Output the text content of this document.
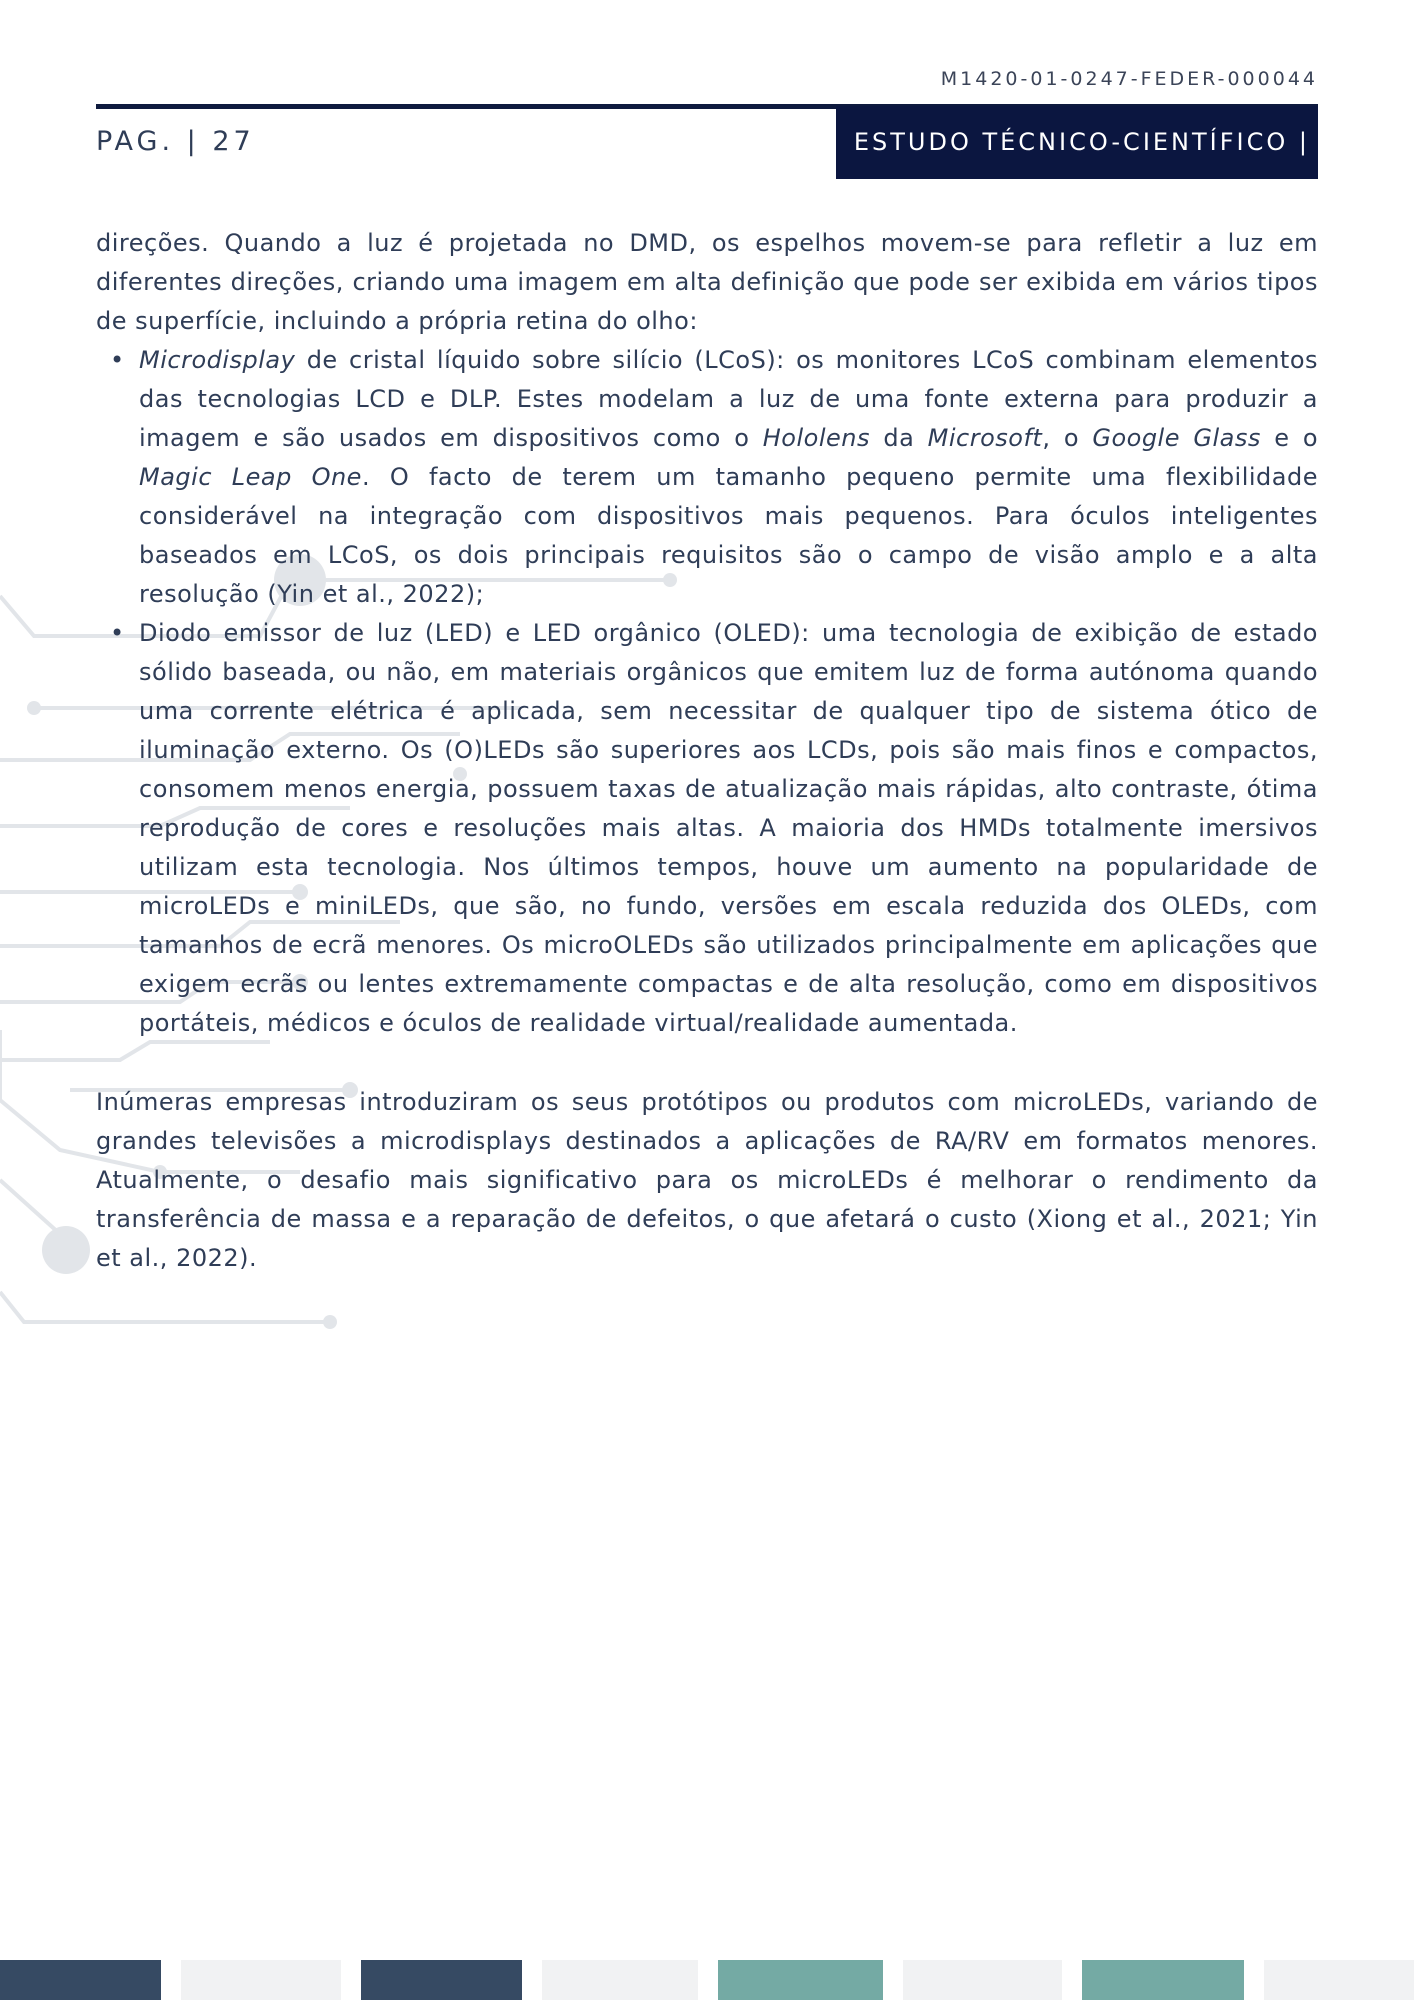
M1420-01-0247-FEDER-000044
PAG. | 27	ESTUDO TÉCNICO-CIENTÍFICO |

direções. Quando a luz é projetada no DMD, os espelhos movem-se para refletir a luz em diferentes direções, criando uma imagem em alta definição que pode ser exibida em vários tipos de superfície, incluindo a própria retina do olho:

• Microdisplay de cristal líquido sobre silício (LCoS): os monitores LCoS combinam elementos das tecnologias LCD e DLP. Estes modelam a luz de uma fonte externa para produzir a imagem e são usados em dispositivos como o Hololens da Microsoft, o Google Glass e o Magic Leap One. O facto de terem um tamanho pequeno permite uma flexibilidade considerável na integração com dispositivos mais pequenos. Para óculos inteligentes baseados em LCoS, os dois principais requisitos são o campo de visão amplo e a alta resolução (Yin et al., 2022);
• Diodo emissor de luz (LED) e LED orgânico (OLED): uma tecnologia de exibição de estado sólido baseada, ou não, em materiais orgânicos que emitem luz de forma autónoma quando uma corrente elétrica é aplicada, sem necessitar de qualquer tipo de sistema ótico de iluminação externo. Os (O)LEDs são superiores aos LCDs, pois são mais finos e compactos, consomem menos energia, possuem taxas de atualização mais rápidas, alto contraste, ótima reprodução de cores e resoluções mais altas. A maioria dos HMDs totalmente imersivos utilizam esta tecnologia. Nos últimos tempos, houve um aumento na popularidade de microLEDs e miniLEDs, que são, no fundo, versões em escala reduzida dos OLEDs, com tamanhos de ecrã menores. Os microOLEDs são utilizados principalmente em aplicações que exigem ecrãs ou lentes extremamente compactas e de alta resolução, como em dispositivos portáteis, médicos e óculos de realidade virtual/realidade aumentada.

Inúmeras empresas introduziram os seus protótipos ou produtos com microLEDs, variando de grandes televisões a microdisplays destinados a aplicações de RA/RV em formatos menores. Atualmente, o desafio mais significativo para os microLEDs é melhorar o rendimento da transferência de massa e a reparação de defeitos, o que afetará o custo (Xiong et al., 2021; Yin et al., 2022).
